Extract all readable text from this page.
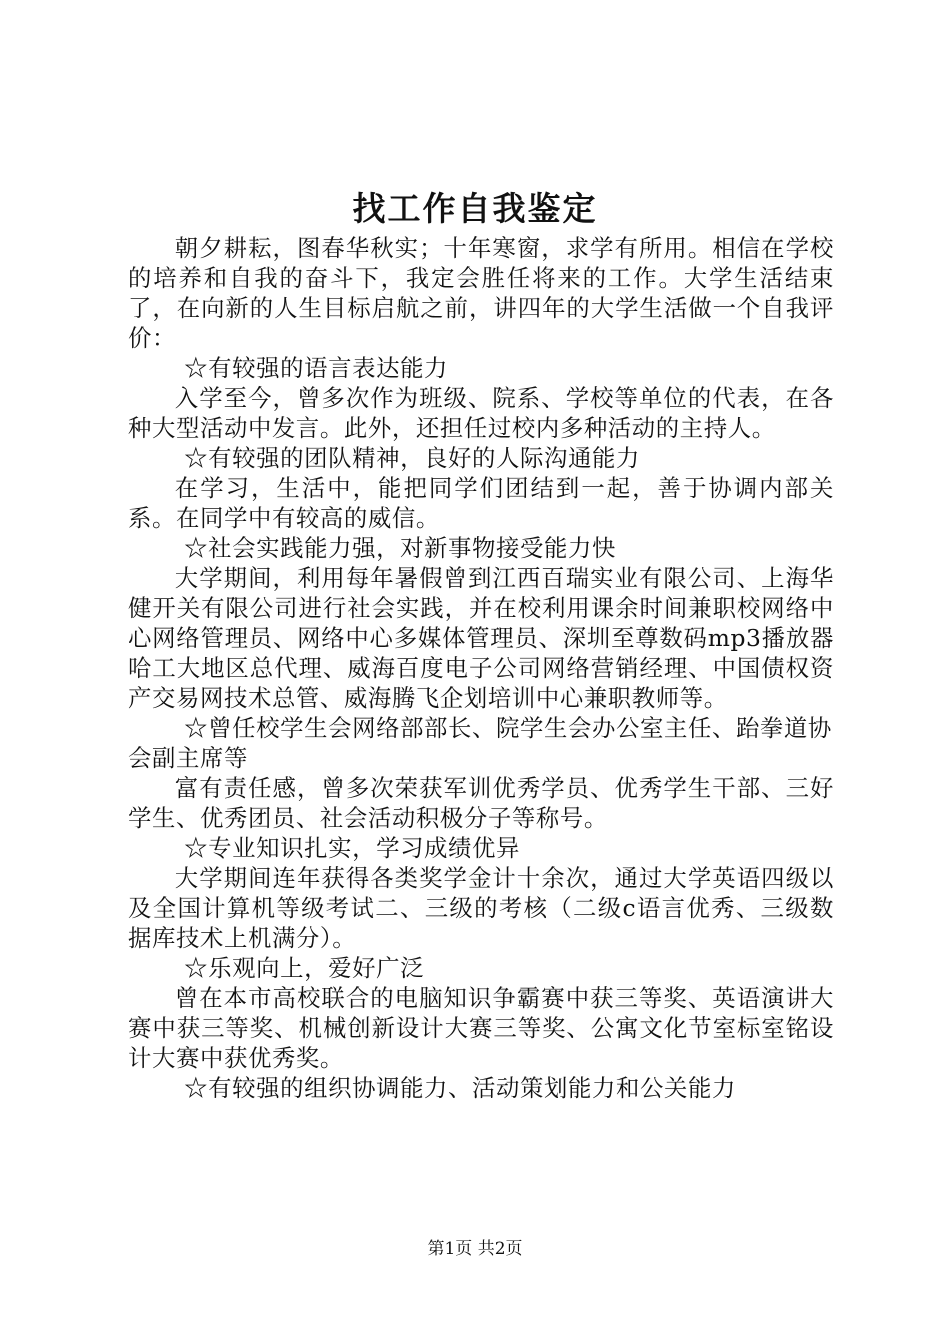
找工作自我鉴定

朝夕耕耘，图春华秋实；十年寒窗，求学有所用。相信在学校的培养和自我的奋斗下，我定会胜任将来的工作。大学生活结束了，在向新的人生目标启航之前，讲四年的大学生活做一个自我评价：

☆有较强的语言表达能力

入学至今，曾多次作为班级、院系、学校等单位的代表，在各种大型活动中发言。此外，还担任过校内多种活动的主持人。

☆有较强的团队精神，良好的人际沟通能力

在学习，生活中，能把同学们团结到一起，善于协调内部关系。在同学中有较高的威信。

☆社会实践能力强，对新事物接受能力快

大学期间，利用每年暑假曾到江西百瑞实业有限公司、上海华健开关有限公司进行社会实践，并在校利用课余时间兼职校网络中心网络管理员、网络中心多媒体管理员、深圳至尊数码mp3播放器哈工大地区总代理、威海百度电子公司网络营销经理、中国债权资产交易网技术总管、威海腾飞企划培训中心兼职教师等。

☆曾任校学生会网络部部长、院学生会办公室主任、跆拳道协会副主席等

富有责任感，曾多次荣获军训优秀学员、优秀学生干部、三好学生、优秀团员、社会活动积极分子等称号。

☆专业知识扎实，学习成绩优异

大学期间连年获得各类奖学金计十余次，通过大学英语四级以及全国计算机等级考试二、三级的考核（二级c语言优秀、三级数据库技术上机满分）。

☆乐观向上，爱好广泛

曾在本市高校联合的电脑知识争霸赛中获三等奖、英语演讲大赛中获三等奖、机械创新设计大赛三等奖、公寓文化节室标室铭设计大赛中获优秀奖。

☆有较强的组织协调能力、活动策划能力和公关能力

第1页 共2页
